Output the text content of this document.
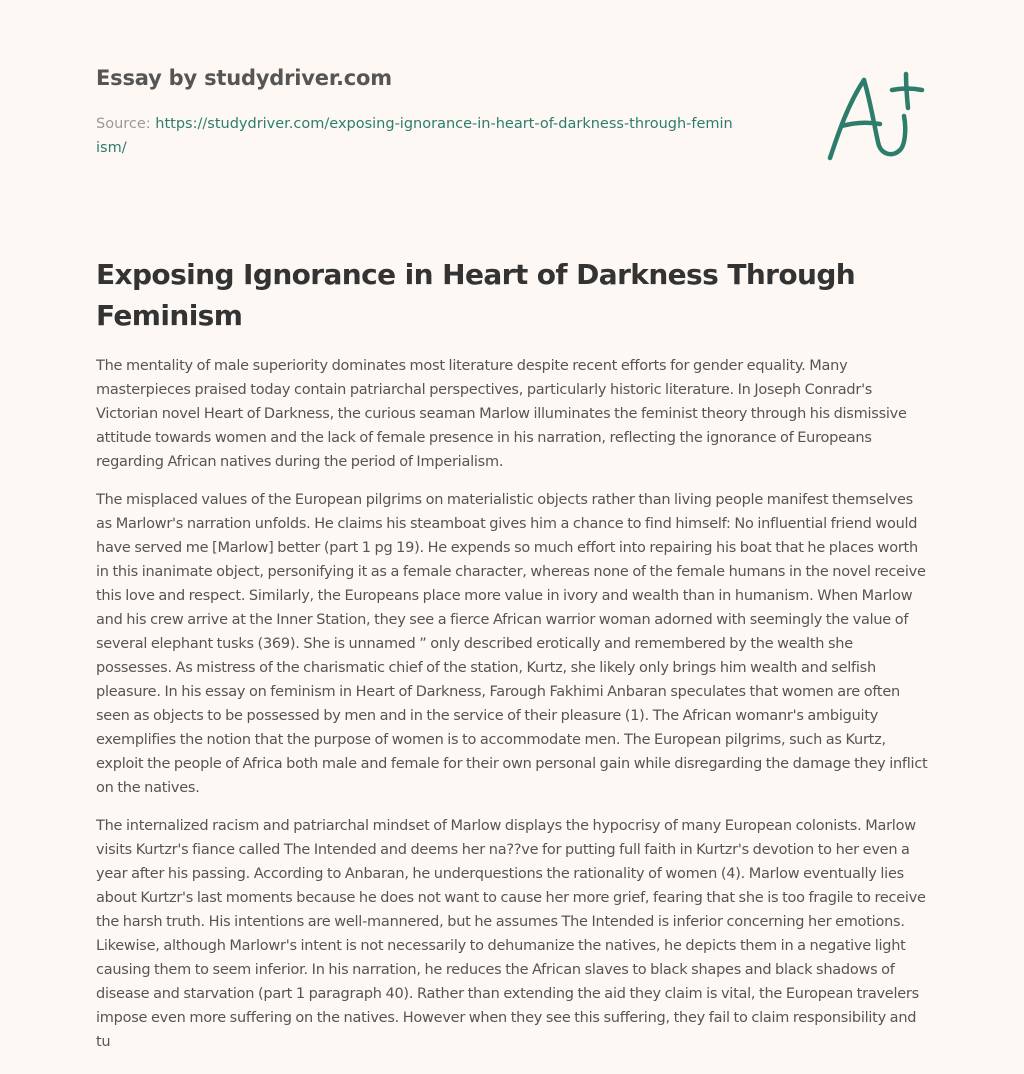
Essay by studydriver.com
Source: https://studydriver.com/exposing-ignorance-in-heart-of-darkness-through-feminism/
Exposing Ignorance in Heart of Darkness Through Feminism

The mentality of male superiority dominates most literature despite recent efforts for gender equality. Many masterpieces praised today contain patriarchal perspectives, particularly historic literature. In Joseph Conradr's Victorian novel Heart of Darkness, the curious seaman Marlow illuminates the feminist theory through his dismissive attitude towards women and the lack of female presence in his narration, reflecting the ignorance of Europeans regarding African natives during the period of Imperialism.

The misplaced values of the European pilgrims on materialistic objects rather than living people manifest themselves as Marlowr's narration unfolds. He claims his steamboat gives him a chance to find himself: No influential friend would have served me [Marlow] better (part 1 pg 19). He expends so much effort into repairing his boat that he places worth in this inanimate object, personifying it as a female character, whereas none of the female humans in the novel receive this love and respect. Similarly, the Europeans place more value in ivory and wealth than in humanism. When Marlow and his crew arrive at the Inner Station, they see a fierce African warrior woman adorned with seemingly the value of several elephant tusks (369). She is unnamed ” only described erotically and remembered by the wealth she possesses. As mistress of the charismatic chief of the station, Kurtz, she likely only brings him wealth and selfish pleasure. In his essay on feminism in Heart of Darkness, Farough Fakhimi Anbaran speculates that women are often seen as objects to be possessed by men and in the service of their pleasure (1). The African womanr's ambiguity exemplifies the notion that the purpose of women is to accommodate men. The European pilgrims, such as Kurtz, exploit the people of Africa both male and female for their own personal gain while disregarding the damage they inflict on the natives.

The internalized racism and patriarchal mindset of Marlow displays the hypocrisy of many European colonists. Marlow visits Kurtzr's fiance called The Intended and deems her na??ve for putting full faith in Kurtzr's devotion to her even a year after his passing. According to Anbaran, he underquestions the rationality of women (4). Marlow eventually lies about Kurtzr's last moments because he does not want to cause her more grief, fearing that she is too fragile to receive the harsh truth. His intentions are well-mannered, but he assumes The Intended is inferior concerning her emotions. Likewise, although Marlowr's intent is not necessarily to dehumanize the natives, he depicts them in a negative light causing them to seem inferior. In his narration, he reduces the African slaves to black shapes and black shadows of disease and starvation (part 1 paragraph 40). Rather than extending the aid they claim is vital, the European travelers impose even more suffering on the natives. However when they see this suffering, they fail to claim responsibility and tu
